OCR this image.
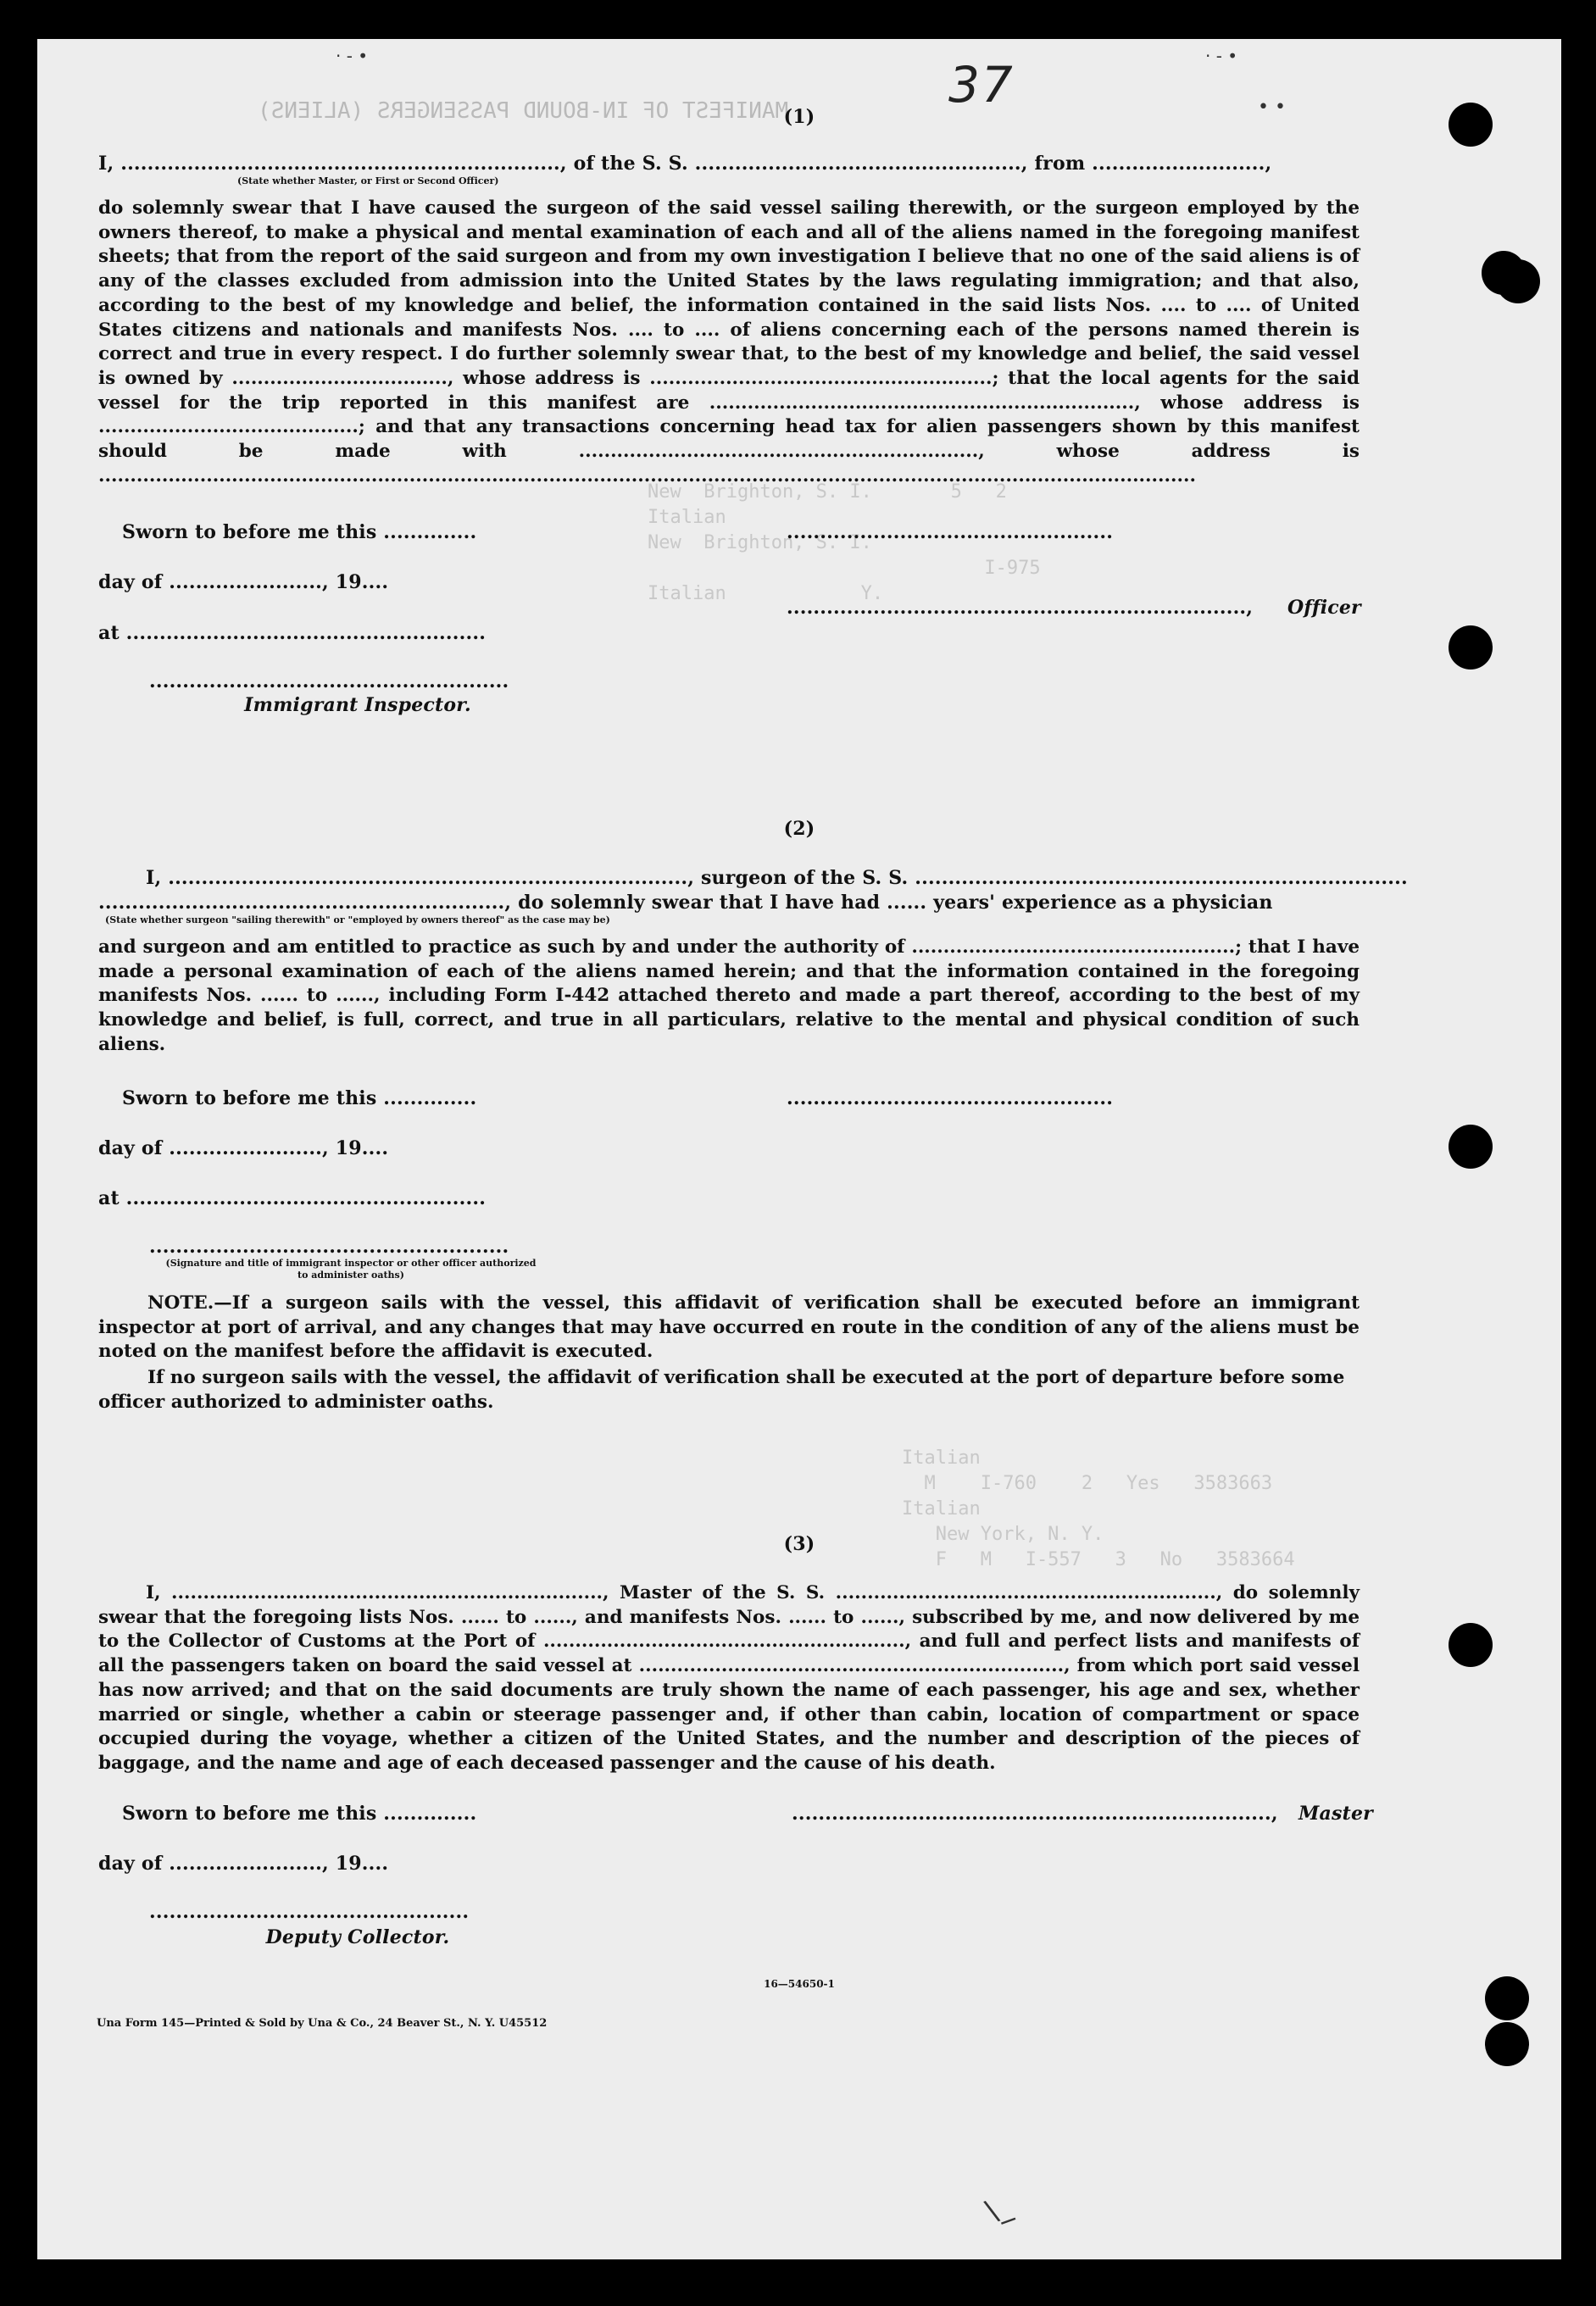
MANIFEST OF IN-BOUND PASSENGERS (ALIENS)
New  Brighton, S. I.       5   2
Italian
New  Brighton, S. I.
I-975
Italian            Y.
Italian
M    I-760    2   Yes   3583663
Italian
New York, N. Y.
F   M   I-557   3   No   3583664
37
(1)
I, .................................................................., of the S. S. ................................................., from ..........................,
(State whether Master, or First or Second Officer)
do solemnly swear that I have caused the surgeon of the said vessel sailing therewith, or the surgeon employed by the owners thereof, to make a physical and mental examination of each and all of the aliens named in the foregoing manifest sheets; that from the report of the said surgeon and from my own investigation I believe that no one of the said aliens is of any of the classes excluded from admission into the United States by the laws regulating immigration; and that also, according to the best of my knowledge and belief, the information contained in the said lists Nos. .... to .... of United States citizens and nationals and manifests Nos. .... to .... of aliens concerning each of the persons named therein is correct and true in every respect. I do further solemnly swear that, to the best of my knowledge and belief, the said vessel is owned by .................................., whose address is ......................................................; that the local agents for the said vessel for the trip reported in this manifest are ..................................................................., whose address is .........................................; and that any transactions concerning head tax for alien passengers shown by this manifest should be made with ..............................................................., whose address is .............................................................................................................................................................................
Sworn to before me this ..............	.................................................
day of ......................., 19....
....................................................................., Officer
at ......................................................
......................................................
Immigrant Inspector.
(2)
I, .............................................................................., surgeon of the S. S. ..........................................................................
............................................................., do solemnly swear that I have had ...... years' experience as a physician
(State whether surgeon "sailing therewith" or "employed by owners thereof" as the case may be)
and surgeon and am entitled to practice as such by and under the authority of ...................................................; that I have made a personal examination of each of the aliens named herein; and that the information contained in the foregoing manifests Nos. ...... to ......, including Form I-442 attached thereto and made a part thereof, according to the best of my knowledge and belief, is full, correct, and true in all particulars, relative to the mental and physical condition of such aliens.
Sworn to before me this ..............	.................................................
day of ......................., 19....
at ......................................................
......................................................
(Signature and title of immigrant inspector or other officer authorized to administer oaths)
NOTE.—If a surgeon sails with the vessel, this affidavit of verification shall be executed before an immigrant inspector at port of arrival, and any changes that may have occurred en route in the condition of any of the aliens must be noted on the manifest before the affidavit is executed.
If no surgeon sails with the vessel, the affidavit of verification shall be executed at the port of departure before some officer authorized to administer oaths.
(3)
I, ...................................................................., Master of the S. S. ............................................................, do solemnly swear that the foregoing lists Nos. ...... to ......, and manifests Nos. ...... to ......, subscribed by me, and now delivered by me to the Collector of Customs at the Port of ........................................................., and full and perfect lists and manifests of all the passengers taken on board the said vessel at ..................................................................., from which port said vessel has now arrived; and that on the said documents are truly shown the name of each passenger, his age and sex, whether married or single, whether a cabin or steerage passenger and, if other than cabin, location of compartment or space occupied during the voyage, whether a citizen of the United States, and the number and description of the pieces of baggage, and the name and age of each deceased passenger and the cause of his death.
Sworn to before me this ..............	........................................................................, Master
day of ......................., 19....
................................................
Deputy Collector.
16—54650-1
Una Form 145—Printed & Sold by Una & Co., 24 Beaver St., N. Y. U45512
· - •	· - •
• •
\_
